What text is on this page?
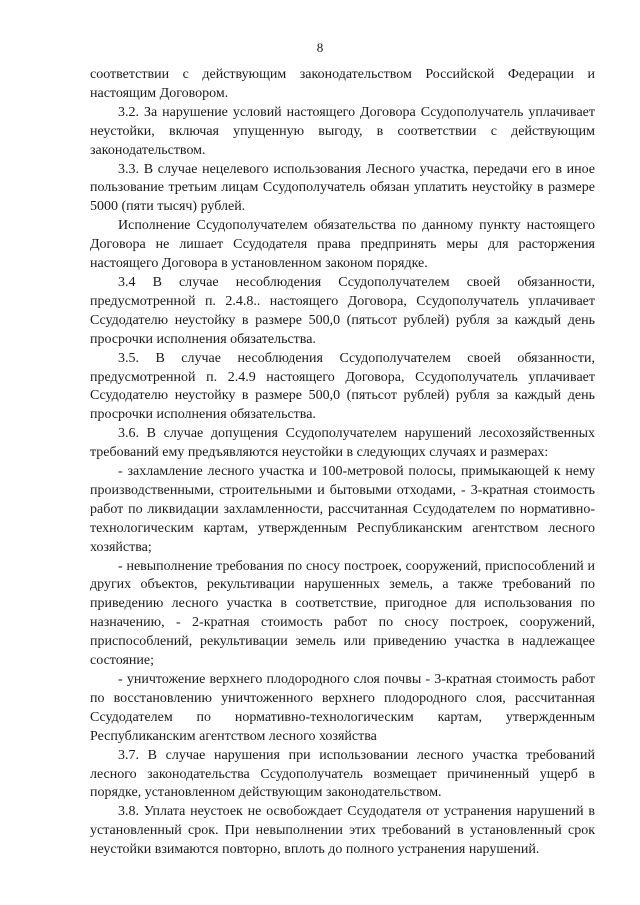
8

соответствии с действующим законодательством Российской Федерации и настоящим Договором.

3.2. За нарушение условий настоящего Договора Ссудополучатель уплачивает неустойки, включая упущенную выгоду, в соответствии с действующим законодательством.

3.3. В случае нецелевого использования Лесного участка, передачи его в иное пользование третьим лицам Ссудополучатель обязан уплатить неустойку в размере 5000 (пяти тысяч) рублей.

Исполнение Ссудополучателем обязательства по данному пункту настоящего Договора не лишает Ссудодателя права предпринять меры для расторжения настоящего Договора в установленном законом порядке.

3.4 В случае несоблюдения Ссудополучателем своей обязанности, предусмотренной п. 2.4.8.. настоящего Договора, Ссудополучатель уплачивает Ссудодателю неустойку в размере 500,0 (пятьсот рублей) рубля за каждый день просрочки исполнения обязательства.

3.5. В случае несоблюдения Ссудополучателем своей обязанности, предусмотренной п. 2.4.9 настоящего Договора, Ссудополучатель уплачивает Ссудодателю неустойку в размере 500,0 (пятьсот рублей) рубля за каждый день просрочки исполнения обязательства.

3.6. В случае допущения Ссудополучателем нарушений лесохозяйственных требований ему предъявляются неустойки в следующих случаях и размерах:

- захламление лесного участка и 100-метровой полосы, примыкающей к нему производственными, строительными и бытовыми отходами, - 3-кратная стоимость работ по ликвидации захламленности, рассчитанная Ссудодателем по нормативно-технологическим картам, утвержденным Республиканским агентством лесного хозяйства;

- невыполнение требования по сносу построек, сооружений, приспособлений и других объектов, рекультивации нарушенных земель, а также требований по приведению лесного участка в соответствие, пригодное для использования по назначению, - 2-кратная стоимость работ по сносу построек, сооружений, приспособлений, рекультивации земель или приведению участка в надлежащее состояние;

- уничтожение верхнего плодородного слоя почвы - 3-кратная стоимость работ по восстановлению уничтоженного верхнего плодородного слоя, рассчитанная Ссудодателем по нормативно-технологическим картам, утвержденным Республиканским агентством лесного хозяйства

3.7. В случае нарушения при использовании лесного участка требований лесного законодательства Ссудополучатель возмещает причиненный ущерб в порядке, установленном действующим законодательством.

3.8. Уплата неустоек не освобождает Ссудодателя от устранения нарушений в установленный срок. При невыполнении этих требований в установленный срок неустойки взимаются повторно, вплоть до полного устранения нарушений.
